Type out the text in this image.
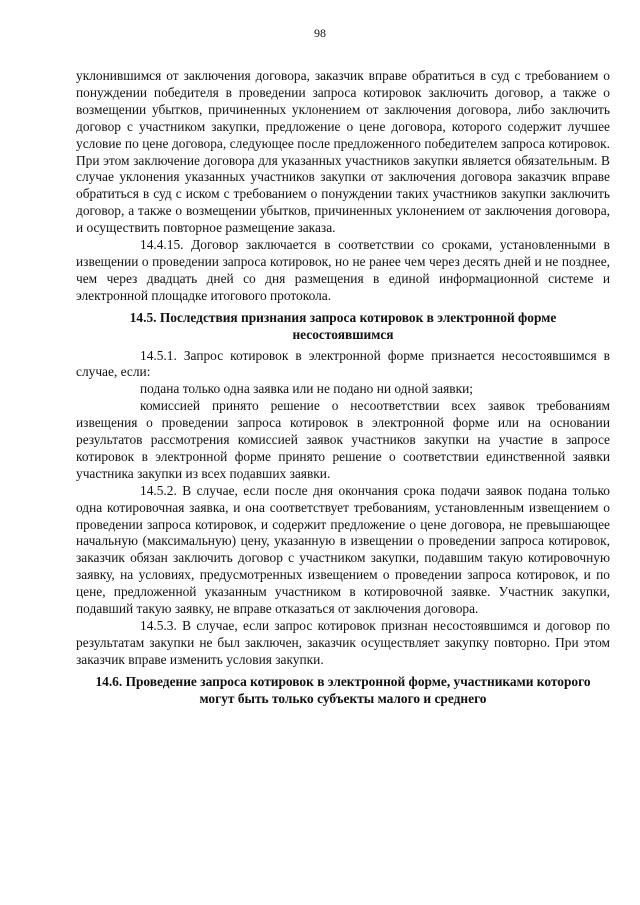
98

уклонившимся от заключения договора, заказчик вправе обратиться в суд с требованием о понуждении победителя в проведении запроса котировок заключить договор, а также о возмещении убытков, причиненных уклонением от заключения договора, либо заключить договор с участником закупки, предложение о цене договора, которого содержит лучшее условие по цене договора, следующее после предложенного победителем запроса котировок. При этом заключение договора для указанных участников закупки является обязательным. В случае уклонения указанных участников закупки от заключения договора заказчик вправе обратиться в суд с иском с требованием о понуждении таких участников закупки заключить договор, а также о возмещении убытков, причиненных уклонением от заключения договора, и осуществить повторное размещение заказа.

14.4.15. Договор заключается в соответствии со сроками, установленными в извещении о проведении запроса котировок, но не ранее чем через десять дней и не позднее, чем через двадцать дней со дня размещения в единой информационной системе и электронной площадке итогового протокола.

14.5. Последствия признания запроса котировок в электронной форме несостоявшимся

14.5.1. Запрос котировок в электронной форме признается несостоявшимся в случае, если:

подана только одна заявка или не подано ни одной заявки;

комиссией принято решение о несоответствии всех заявок требованиям извещения о проведении запроса котировок в электронной форме или на основании результатов рассмотрения комиссией заявок участников закупки на участие в запросе котировок в электронной форме принято решение о соответствии единственной заявки участника закупки из всех подавших заявки.

14.5.2. В случае, если после дня окончания срока подачи заявок подана только одна котировочная заявка, и она соответствует требованиям, установленным извещением о проведении запроса котировок, и содержит предложение о цене договора, не превышающее начальную (максимальную) цену, указанную в извещении о проведении запроса котировок, заказчик обязан заключить договор с участником закупки, подавшим такую котировочную заявку, на условиях, предусмотренных извещением о проведении запроса котировок, и по цене, предложенной указанным участником в котировочной заявке. Участник закупки, подавший такую заявку, не вправе отказаться от заключения договора.

14.5.3. В случае, если запрос котировок признан несостоявшимся и договор по результатам закупки не был заключен, заказчик осуществляет закупку повторно. При этом заказчик вправе изменить условия закупки.

14.6. Проведение запроса котировок в электронной форме, участниками которого могут быть только субъекты малого и среднего
